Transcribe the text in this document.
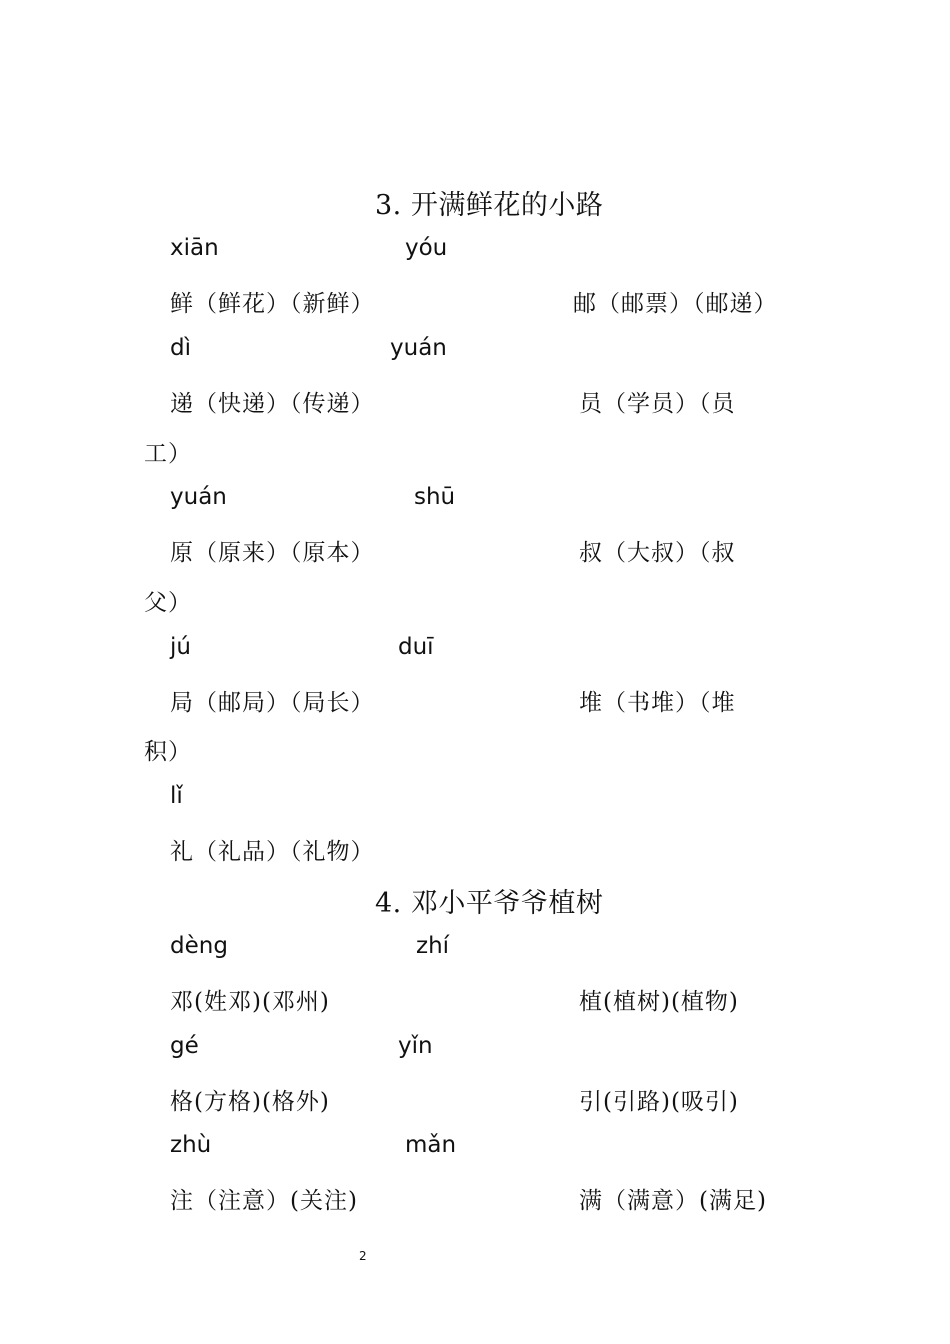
3. 开满鲜花的小路
xiān	yóu
鲜（鲜花）（新鲜）	邮（邮票）（邮递）
dì	yuán
递（快递）（传递）	员（学员）（员
工）
yuán	shū
原（原来）（原本）	叔（大叔）（叔
父）
jú	duī
局（邮局）（局长）	堆（书堆）（堆
积）
lǐ
礼（礼品）（礼物）
4. 邓小平爷爷植树
dèng	zhí
邓(姓邓)(邓州)	植(植树)(植物)
gé	yǐn
格(方格)(格外)	引(引路)(吸引)
zhù	mǎn
注（注意）(关注)	满（满意）(满足)
2
